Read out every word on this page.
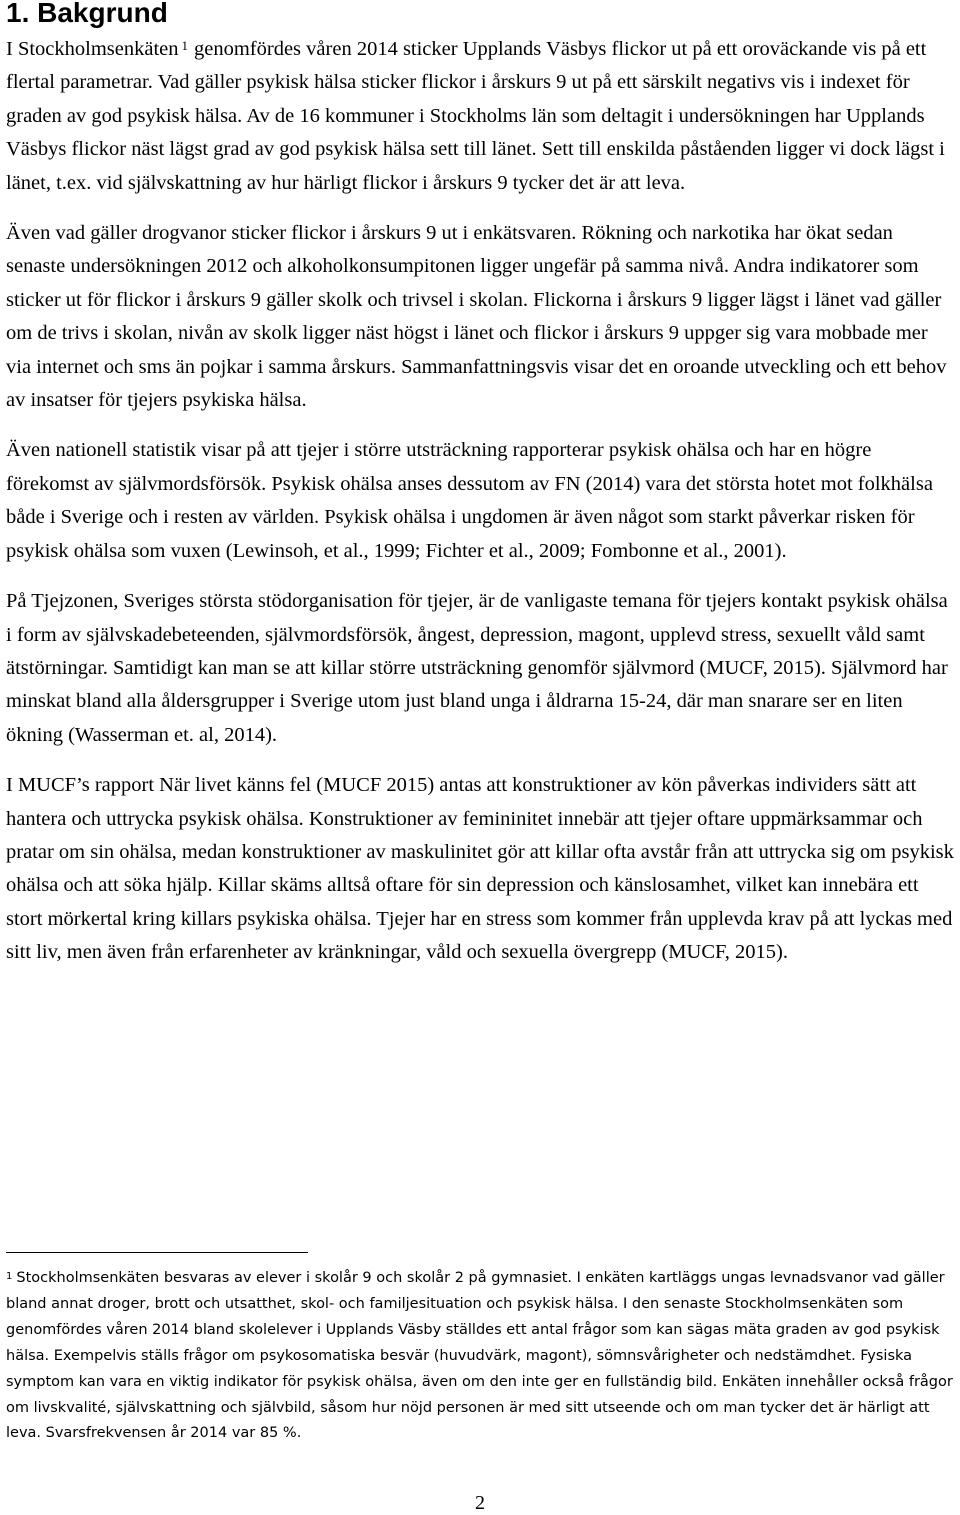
1. Bakgrund

I Stockholmsenkäten $^1$ genomfördes våren 2014 sticker Upplands Väsbys flickor ut på ett oroväckande vis på ett flertal parametrar. Vad gäller psykisk hälsa sticker flickor i årskurs 9 ut på ett särskilt negativs vis i indexet för graden av god psykisk hälsa. Av de 16 kommuner i Stockholms län som deltagit i undersökningen har Upplands Väsbys flickor näst lägst grad av god psykisk hälsa sett till länet. Sett till enskilda påståenden ligger vi dock lägst i länet, t.ex. vid självskattning av hur härligt flickor i årskurs 9 tycker det är att leva.

Även vad gäller drogvanor sticker flickor i årskurs 9 ut i enkätsvaren. Rökning och narkotika har ökat sedan senaste undersökningen 2012 och alkoholkonsumpitonen ligger ungefär på samma nivå. Andra indikatorer som sticker ut för flickor i årskurs 9 gäller skolk och trivsel i skolan. Flickorna i årskurs 9 ligger lägst i länet vad gäller om de trivs i skolan, nivån av skolk ligger näst högst i länet och flickor i årskurs 9 uppger sig vara mobbade mer via internet och sms än pojkar i samma årskurs. Sammanfattningsvis visar det en oroande utveckling och ett behov av insatser för tjejers psykiska hälsa.

Även nationell statistik visar på att tjejer i större utsträckning rapporterar psykisk ohälsa och har en högre förekomst av självmordsförsök. Psykisk ohälsa anses dessutom av FN (2014) vara det största hotet mot folkhälsa både i Sverige och i resten av världen. Psykisk ohälsa i ungdomen är även något som starkt påverkar risken för psykisk ohälsa som vuxen (Lewinsoh, et al., 1999; Fichter et al., 2009; Fombonne et al., 2001).

På Tjejzonen, Sveriges största stödorganisation för tjejer, är de vanligaste temana för tjejers kontakt psykisk ohälsa i form av självskadebeteenden, självmordsförsök, ångest, depression, magont, upplevd stress, sexuellt våld samt ätstörningar. Samtidigt kan man se att killar större utsträckning genomför självmord (MUCF, 2015). Självmord har minskat bland alla åldersgrupper i Sverige utom just bland unga i åldrarna 15-24, där man snarare ser en liten ökning (Wasserman et. al, 2014).

I MUCF’s rapport När livet känns fel (MUCF 2015) antas att konstruktioner av kön påverkas individers sätt att hantera och uttrycka psykisk ohälsa. Konstruktioner av femininitet innebär att tjejer oftare uppmärksammar och pratar om sin ohälsa, medan konstruktioner av maskulinitet gör att killar ofta avstår från att uttrycka sig om psykisk ohälsa och att söka hjälp. Killar skäms alltså oftare för sin depression och känslosamhet, vilket kan innebära ett stort mörkertal kring killars psykiska ohälsa. Tjejer har en stress som kommer från upplevda krav på att lyckas med sitt liv, men även från erfarenheter av kränkningar, våld och sexuella övergrepp (MUCF, 2015).

$^1$ Stockholmsenkäten besvaras av elever i skolår 9 och skolår 2 på gymnasiet. I enkäten kartläggs ungas levnadsvanor vad gäller bland annat droger, brott och utsatthet, skol- och familjesituation och psykisk hälsa. I den senaste Stockholmsenkäten som genomfördes våren 2014 bland skolelever i Upplands Väsby ställdes ett antal frågor som kan sägas mäta graden av god psykisk hälsa. Exempelvis ställs frågor om psykosomatiska besvär (huvudvärk, magont), sömnsvårigheter och nedstämdhet. Fysiska symptom kan vara en viktig indikator för psykisk ohälsa, även om den inte ger en fullständig bild. Enkäten innehåller också frågor om livskvalité, självskattning och självbild, såsom hur nöjd personen är med sitt utseende och om man tycker det är härligt att leva. Svarsfrekvensen år 2014 var 85 %.

2
